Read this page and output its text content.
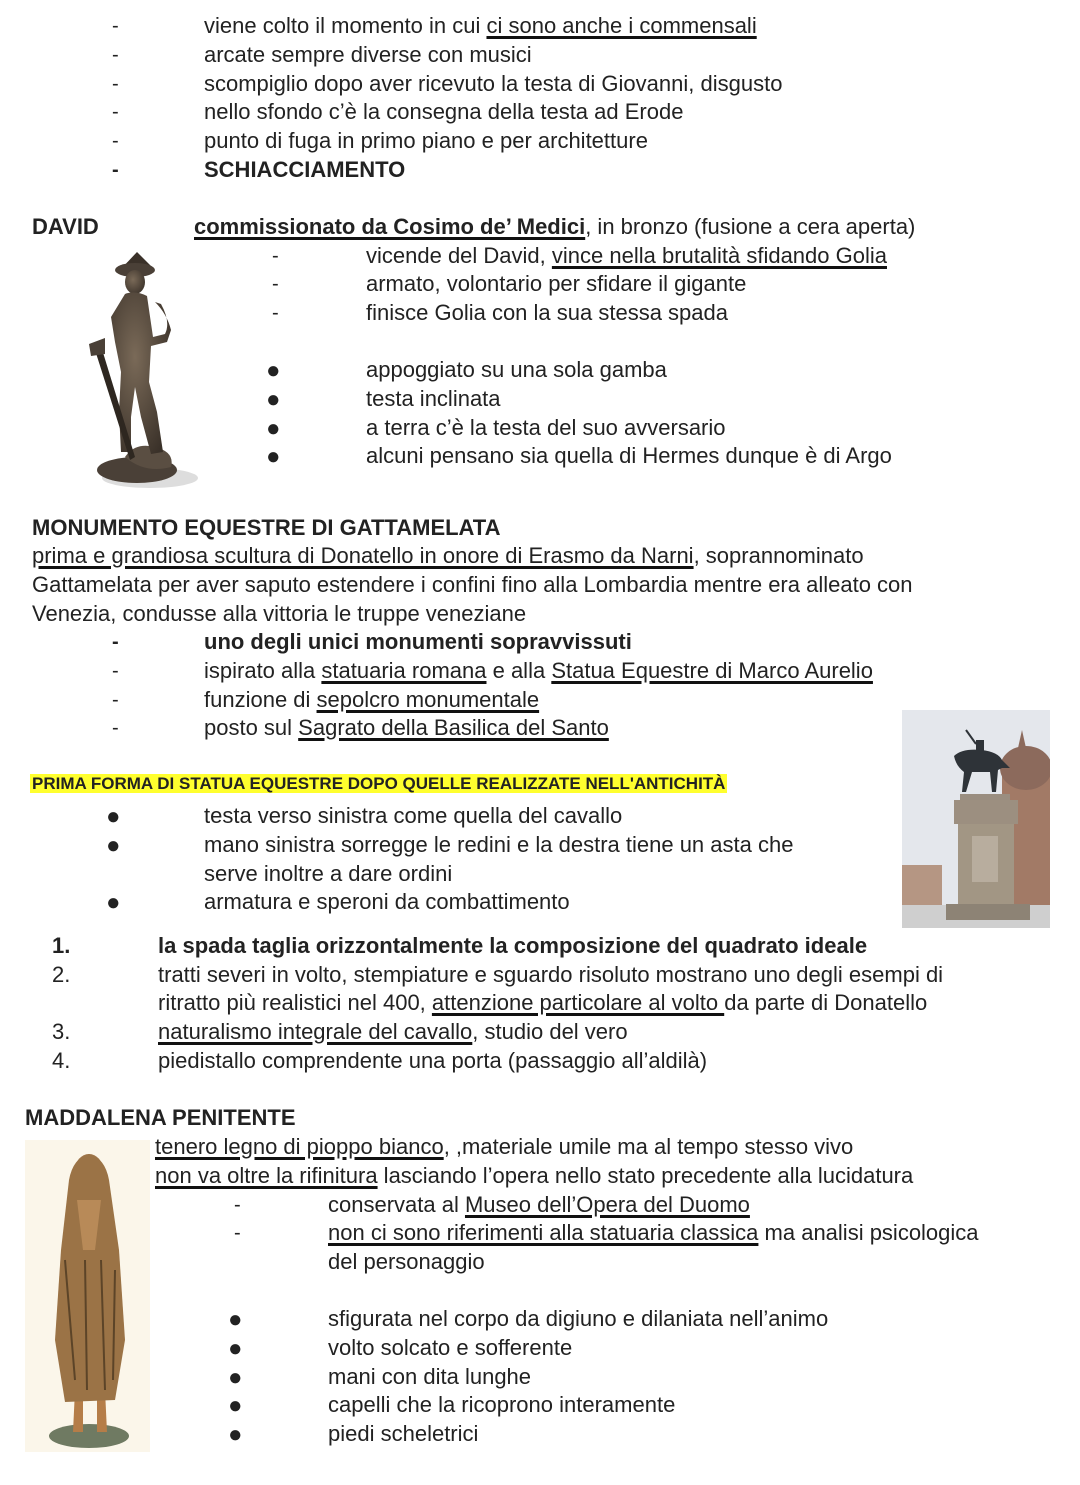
-	viene colto il momento in cui ci sono anche i commensali
-	arcate sempre diverse con musici
-	scompiglio dopo aver ricevuto la testa di Giovanni, disgusto
-	nello sfondo c’è la consegna della testa ad Erode
-	punto di fuga in primo piano e per architetture
-	SCHIACCIAMENTO
DAVID	commissionato da Cosimo de’ Medici, in bronzo (fusione a cera aperta)
-	vicende del David, vince nella brutalità sfidando Golia
-	armato, volontario per sfidare il gigante
-	finisce Golia con la sua stessa spada
●	appoggiato su una sola gamba
●	testa inclinata
●	a terra c’è la testa del suo avversario
●	alcuni pensano sia quella di Hermes dunque è di Argo
MONUMENTO EQUESTRE DI GATTAMELATA
prima e grandiosa scultura di Donatello in onore di Erasmo da Narni, soprannominato
Gattamelata per aver saputo estendere i confini fino alla Lombardia mentre era alleato con
Venezia, condusse alla vittoria le truppe veneziane
-	uno degli unici monumenti sopravvissuti
-	ispirato alla statuaria romana e alla Statua Equestre di Marco Aurelio
-	funzione di sepolcro monumentale
-	posto sul Sagrato della Basilica del Santo
PRIMA FORMA DI STATUA EQUESTRE DOPO QUELLE REALIZZATE NELL'ANTICHITÀ
●	testa verso sinistra come quella del cavallo
●	mano sinistra sorregge le redini e la destra tiene un asta che
serve inoltre a dare ordini
●	armatura e speroni da combattimento
1.	la spada taglia orizzontalmente la composizione del quadrato ideale
2.	tratti severi in volto, stempiature e sguardo risoluto mostrano uno degli esempi di
ritratto più realistici nel 400, attenzione particolare al volto da parte di Donatello
3.	naturalismo integrale del cavallo, studio del vero
4.	piedistallo comprendente una porta (passaggio all’aldilà)
MADDALENA PENITENTE
tenero legno di pioppo bianco, ,materiale umile ma al tempo stesso vivo
non va oltre la rifinitura lasciando l’opera nello stato precedente alla lucidatura
-	conservata al Museo dell’Opera del Duomo
-	non ci sono riferimenti alla statuaria classica ma analisi psicologica
del personaggio
●	sfigurata nel corpo da digiuno e dilaniata nell’animo
●	volto solcato e sofferente
●	mani con dita lunghe
●	capelli che la ricoprono interamente
●	piedi scheletrici
